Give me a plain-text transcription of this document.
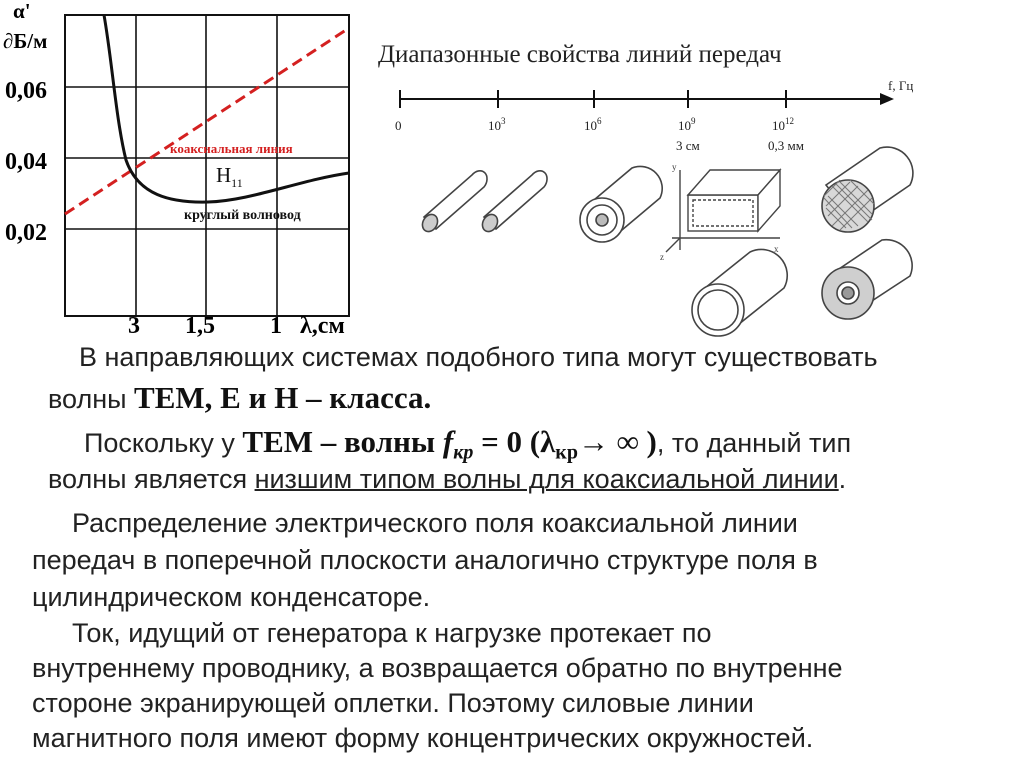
α'
∂Б/м
0,06
0,04
0,02
коаксиальная линия
$H_{11}$
круглый волновод
3 1,5 1 λ,см
Диапазонные свойства линий передач
f, Гц
0	$10^3$	$10^6$	$10^9$
3 см
$10^{12}$
0,3 мм
y
x
z
В направляющих системах подобного типа могут существовать
волны ТЕМ, Е и Н – класса.
Поскольку у ТЕМ – волны $f_{кр} = 0$ ($\lambda_{кр}\to$ ∞ ), то данный тип
волны является низшим типом волны для коаксиальной линии.
Распределение электрического поля коаксиальной линии
передач в поперечной плоскости аналогично структуре поля в
цилиндрическом конденсаторе.
Ток, идущий от генератора к нагрузке протекает по
внутреннему проводнику, а возвращается обратно по внутренне
стороне экранирующей оплетки. Поэтому силовые линии
магнитного поля имеют форму концентрических окружностей.
